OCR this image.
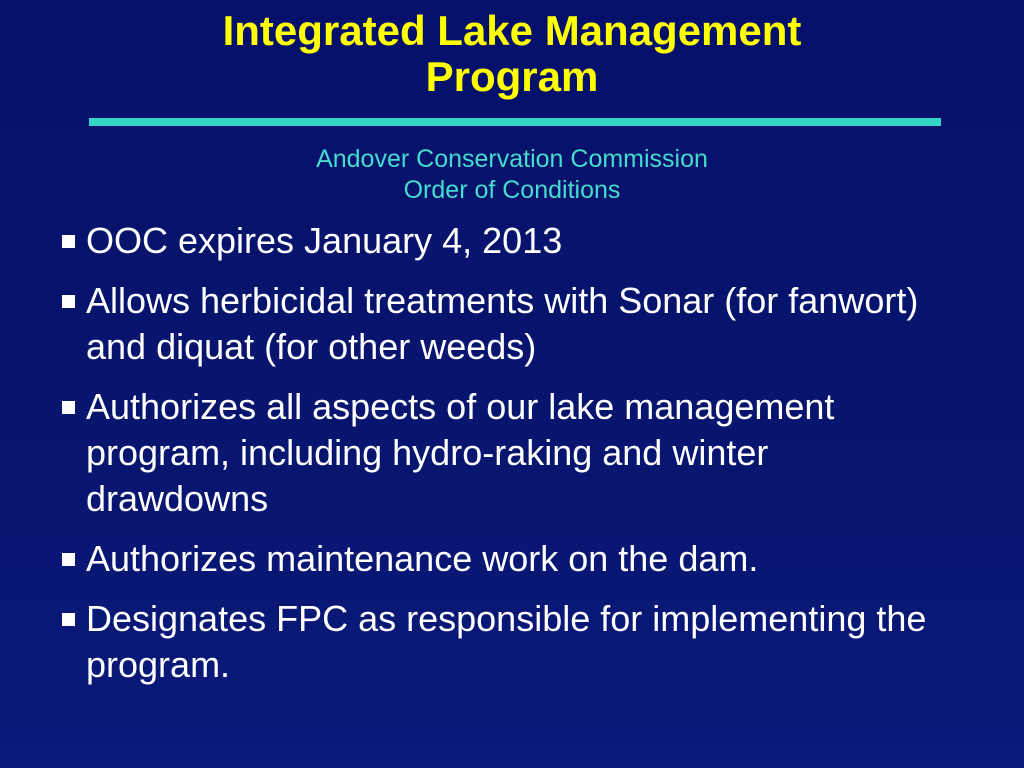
Integrated Lake Management
Program
Andover Conservation Commission
Order of Conditions
OOC expires January 4, 2013
Allows herbicidal treatments with Sonar (for fanwort) and diquat (for other weeds)
Authorizes all aspects of our lake management program, including hydro-raking and winter drawdowns
Authorizes maintenance work on the dam.
Designates FPC as responsible for implementing the program.
